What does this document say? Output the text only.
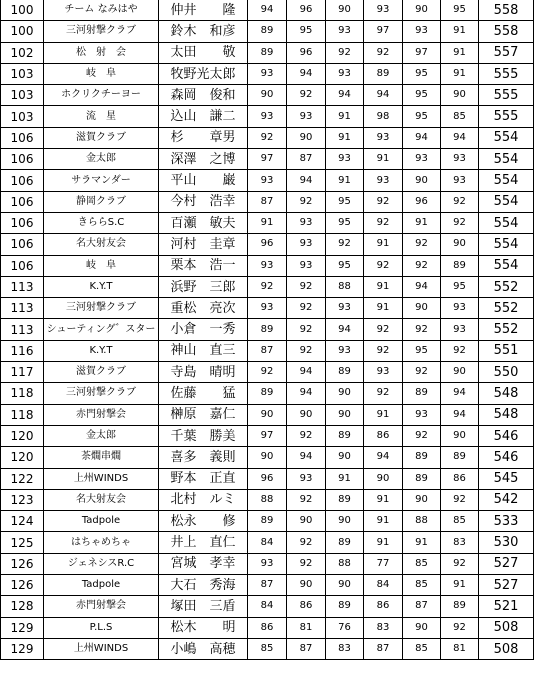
100	チーム なみはや	仲井　　隆	94	96	90	93	90	95	558
100	三河射撃クラブ	鈴木　和彦	89	95	93	97	93	91	558
102	松　射　会	太田　　敬	89	96	92	92	97	91	557
103	岐　阜	牧野光太郎	93	94	93	89	95	91	555
103	ホクリクチーヨー	森岡　俊和	90	92	94	94	95	90	555
103	流　星	込山　謙二	93	93	91	98	95	85	555
106	滋賀クラブ	杉　　章男	92	90	91	93	94	94	554
106	金太郎	深澤　之博	97	87	93	91	93	93	554
106	サラマンダー	平山　　巌	93	94	91	93	90	93	554
106	静岡クラブ	今村　浩幸	87	92	95	92	96	92	554
106	きららS.C	百瀬　敏夫	91	93	95	92	91	92	554
106	名大射友会	河村　圭章	96	93	92	91	92	90	554
106	岐　阜	栗本　浩一	93	93	95	92	92	89	554
113	K.Y.T	浜野　三郎	92	92	88	91	94	95	552
113	三河射撃クラブ	重松　亮次	93	92	93	91	90	93	552
113	シューティング゛スター	小倉　一秀	89	92	94	92	92	93	552
116	K.Y.T	神山　直三	87	92	93	92	95	92	551
117	滋賀クラブ	寺島　晴明	92	94	89	93	92	90	550
118	三河射撃クラブ	佐藤　　猛	89	94	90	92	89	94	548
118	赤門射撃会	榊原　嘉仁	90	90	90	91	93	94	548
120	金太郎	千葉　勝美	97	92	89	86	92	90	546
120	茶燗串燗	喜多　義則	90	94	90	94	89	89	546
122	上州WINDS	野本　正直	96	93	91	90	89	86	545
123	名大射友会	北村　ルミ	88	92	89	91	90	92	542
124	Tadpole	松永　　修	89	90	90	91	88	85	533
125	はちゃめちゃ	井上　直仁	84	92	89	91	91	83	530
126	ジェネシスR.C	宮城　孝幸	93	92	88	77	85	92	527
126	Tadpole	大石　秀海	87	90	90	84	85	91	527
128	赤門射撃会	塚田　三盾	84	86	89	86	87	89	521
129	P.L.S	松木　　明	86	81	76	83	90	92	508
129	上州WINDS	小嶋　高穂	85	87	83	87	85	81	508
